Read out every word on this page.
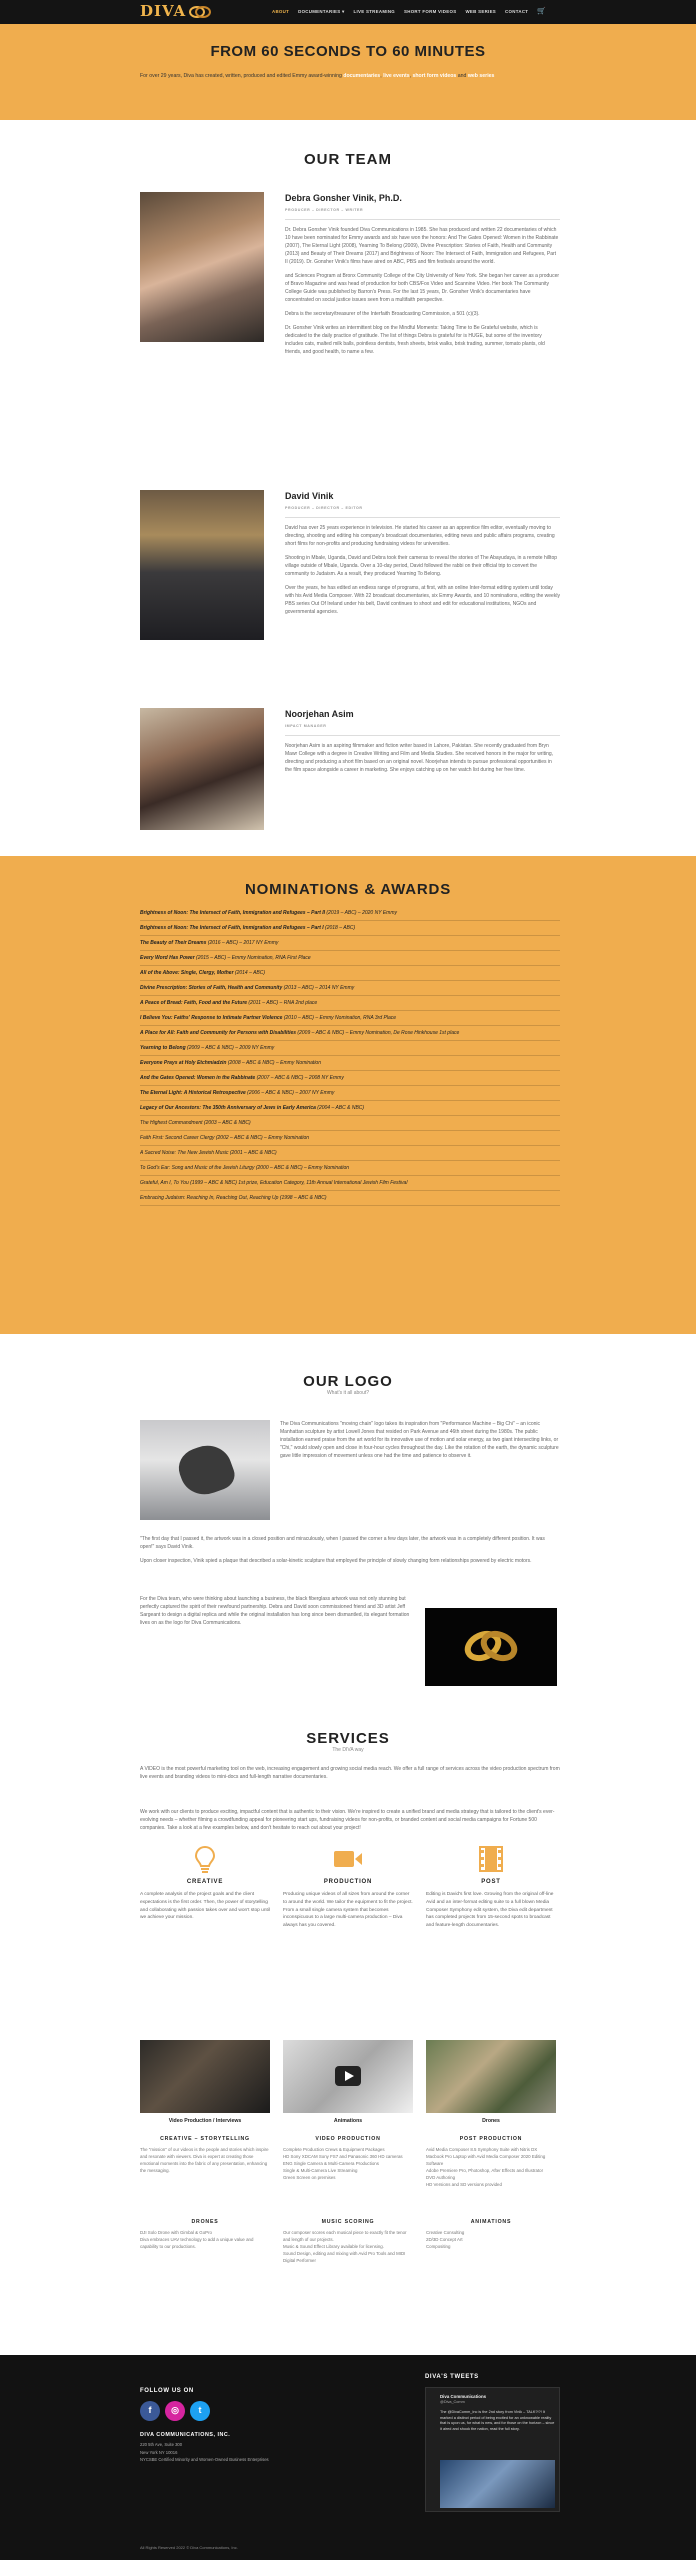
DIVA	ABOUT DOCUMENTARIES ▾ LIVE STREAMING SHORT FORM VIDEOS WEB SERIES CONTACT 🛒
FROM 60 SECONDS TO 60 MINUTES

For over 29 years, Diva has created, written, produced and edited Emmy award-winning documentaries, live events, short form videos and web series

OUR TEAM
Debra Gonsher Vinik, Ph.D.
PRODUCER – DIRECTOR – WRITER

Dr. Debra Gonsher Vinik founded Diva Communications in 1985. She has produced and written 22 documentaries of which 10 have been nominated for Emmy awards and six have won the honors: And The Gates Opened: Women in the Rabbinate (2007), The Eternal Light (2008), Yearning To Belong (2009), Divine Prescription: Stories of Faith, Health and Community (2013) and Beauty of Their Dreams (2017) and Brightness of Noon: The Intersect of Faith, Immigration and Refugees, Part II (2019). Dr. Gonsher Vinik's films have aired on ABC, PBS and film festivals around the world.

and Sciences Program at Bronx Community College of the City University of New York. She began her career as a producer of Bravo Magazine and was head of production for both CBS/Fox Video and Scannine Video. Her book The Community College Guide was published by Barron's Press. For the last 15 years, Dr. Gonsher Vinik's documentaries have concentrated on social justice issues seen from a multifaith perspective.

Debra is the secretary/treasurer of the Interfaith Broadcasting Commission, a 501 (c)(3).

Dr. Gonsher Vinik writes an intermittent blog on the Mindful Moments: Taking Time to Be Grateful website, which is dedicated to the daily practice of gratitude. The list of things Debra is grateful for is HUGE, but some of the inventory includes cats, malted milk balls, pointless dentists, fresh sheets, brisk walks, brisk trading, summer, tomato plants, old friends, and good health, to name a few.

David Vinik
PRODUCER – DIRECTOR – EDITOR

David has over 25 years experience in television. He started his career as an apprentice film editor, eventually moving to directing, shooting and editing his company's broadcast documentaries, editing news and public affairs programs, creating short films for non-profits and producing fundraising videos for universities.

Shooting in Mbale, Uganda, David and Debra took their cameras to reveal the stories of The Abayudaya, in a remote hilltop village outside of Mbale, Uganda. Over a 10-day period, David followed the rabbi on their official trip to convert the community to Judaism. As a result, they produced Yearning To Belong.

Over the years, he has edited an endless range of programs, at first, with an online Inter-format editing system until today with his Avid Media Composer. With 22 broadcast documentaries, six Emmy Awards, and 10 nominations, editing the weekly PBS series Out Of Ireland under his belt, David continues to shoot and edit for educational institutions, NGOs and governmental agencies.

Noorjehan Asim
IMPACT MANAGER

Noorjehan Asim is an aspiring filmmaker and fiction writer based in Lahore, Pakistan. She recently graduated from Bryn Mawr College with a degree in Creative Writing and Film and Media Studies. She received honors in the major for writing, directing and producing a short film based on an original novel. Noorjehan intends to pursue professional opportunities in the film space alongside a career in marketing. She enjoys catching up on her watch list during her free time.

NOMINATIONS & AWARDS
Brightness of Noon: The Intersect of Faith, Immigration and Refugees – Part II (2019 – ABC) – 2020 NY Emmy
Brightness of Noon: The Intersect of Faith, Immigration and Refugees – Part I (2018 – ABC)
The Beauty of Their Dreams (2016 – ABC) – 2017 NY Emmy
Every Word Has Power (2015 – ABC) – Emmy Nomination, RNA First Place
All of the Above: Single, Clergy, Mother (2014 – ABC)
Divine Prescription: Stories of Faith, Health and Community (2013 – ABC) – 2014 NY Emmy
A Peace of Bread: Faith, Food and the Future (2011 – ABC) – RNA 2nd place
I Believe You: Faiths' Response to Intimate Partner Violence (2010 – ABC) – Emmy Nomination, RNA 3rd Place
A Place for All: Faith and Community for Persons with Disabilities (2009 – ABC & NBC) – Emmy Nomination, De Rose Hinkhouse 1st place
Yearning to Belong (2009 – ABC & NBC) – 2009 NY Emmy
Everyone Prays at Holy Etchmiadzin (2008 – ABC & NBC) – Emmy Nomination
And the Gates Opened: Women in the Rabbinate (2007 – ABC & NBC) – 2008 NY Emmy
The Eternal Light: A Historical Retrospective (2006 – ABC & NBC) – 2007 NY Emmy
Legacy of Our Ancestors: The 350th Anniversary of Jews in Early America (2004 – ABC & NBC)
The Highest Commandment (2003 – ABC & NBC)
Faith First: Second Career Clergy (2002 – ABC & NBC) – Emmy Nomination
A Sacred Noise: The New Jewish Music (2001 – ABC & NBC)
To God's Ear: Song and Music of the Jewish Liturgy (2000 – ABC & NBC) – Emmy Nomination
Grateful, Am I, To You (1999 – ABC & NBC) 1st prize, Education Category, 11th Annual International Jewish Film Festival
Embracing Judaism: Reaching In, Reaching Out, Reaching Up (1998 – ABC & NBC)
OUR LOGO
What's it all about?
The Diva Communications "moving chain" logo takes its inspiration from "Performance Machine – Big Chi" – an iconic Manhattan sculpture by artist Lowell Jones that resided on Park Avenue and 46th street during the 1980s. The public installation earned praise from the art world for its innovative use of motion and solar energy, as two giant intersecting links, or "Chi," would slowly open and close in four-hour cycles throughout the day. Like the rotation of the earth, the dynamic sculpture gave little impression of movement unless one had the time and patience to observe it.

"The first day that I passed it, the artwork was in a closed position and miraculously, when I passed the corner a few days later, the artwork was in a completely different position. It was open!" says David Vinik.

Upon closer inspection, Vinik spied a plaque that described a solar-kinetic sculpture that employed the principle of slowly changing form relationships powered by electric motors.

For the Diva team, who were thinking about launching a business, the black fiberglass artwork was not only stunning but perfectly captured the spirit of their newfound partnership. Debra and David soon commissioned friend and 3D artist Jeff Sargeant to design a digital replica and while the original installation has long since been dismantled, its elegant formation lives on as the logo for Diva Communications.
SERVICES
The DIVA way
A VIDEO is the most powerful marketing tool on the web, increasing engagement and growing social media reach. We offer a full range of services across the video production spectrum from live events and branding videos to mini-docs and full-length narrative documentaries.
We work with our clients to produce exciting, impactful content that is authentic to their vision. We're inspired to create a unified brand and media strategy that is tailored to the client's ever-evolving needs – whether filming a crowdfunding appeal for pioneering start ups, fundraising videos for non-profits, or branded content and social media campaigns for Fortune 500 companies. Take a look at a few examples below, and don't hesitate to reach out about your project!
CREATIVE

A complete analysis of the project goals and the client expectations is the first order. Then, the power of storytelling and collaborating with passion takes over and won't stop until we achieve your mission.

PRODUCTION

Producing unique videos of all sizes from around the corner to around the world. We tailor the equipment to fit the project. From a small single camera system that becomes inconspicuous to a large multi-camera production – Diva always has you covered.

POST

Editing is David's first love. Growing from the original off-line Avid and an inter-format editing suite to a full blown Media Composer Symphony edit system, the Diva edit department has completed projects from 15-second spots to broadcast and feature-length documentaries.

Video Production / Interviews	Animations	Drones
CREATIVE – STORYTELLING
The "mission" of our videos is the people and stories which inspire and resonate with viewers. Diva is expert at creating those emotional moments into the fabric of any presentation, enhancing the messaging.
VIDEO PRODUCTION
Complete Production Crews & Equipment Packages
HD Sony XDCAM Sony FS7 and Panasonic 360 HD cameras
ENG Single Camera & Multi-Camera Productions
Single & Multi-Camera Live Streaming
Green Screen on premises
POST PRODUCTION
Avid Media Composer 8.5 Symphony Suite with Nitris DX
Macbook Pro Laptop with Avid Media Composer 2020 Editing Software
Adobe Premiere Pro, Photoshop, After Effects and Illustrator
DVD Authoring
HD Versions and SD versions provided
DRONES
DJI Solo Drone with Gimbal & GoPro
Diva embraces UAV technology to add a unique value and capability to our productions.
MUSIC SCORING
Our composer scores each musical piece to exactly fit the tenor and length of our projects.
Music & Sound Effect Library available for licensing.
Sound Design, editing and mixing with Avid Pro Tools and MIDI Digital Performer
ANIMATIONS
Creative Consulting
2D/3D Concept Art
Compositing
FOLLOW US ON
f	◎	t
DIVA COMMUNICATIONS, INC.
220 5th Ave, Suite 300
New York NY 10016
NYCSBE Certified Minority and Women-Owned Business Enterprises
DIVA'S TWEETS
Diva Communications
@Diva_Comm
The @DivaComm_Inc is the 2nd story from Vinik – TALK?!?! It marked a distinct period of being excited for an unknowable reality that is upon us, for what is new, and for those on the horizon – since it aired and shook the nation, read the full story.
All Rights Reserved 2022 © Diva Communications, Inc.
